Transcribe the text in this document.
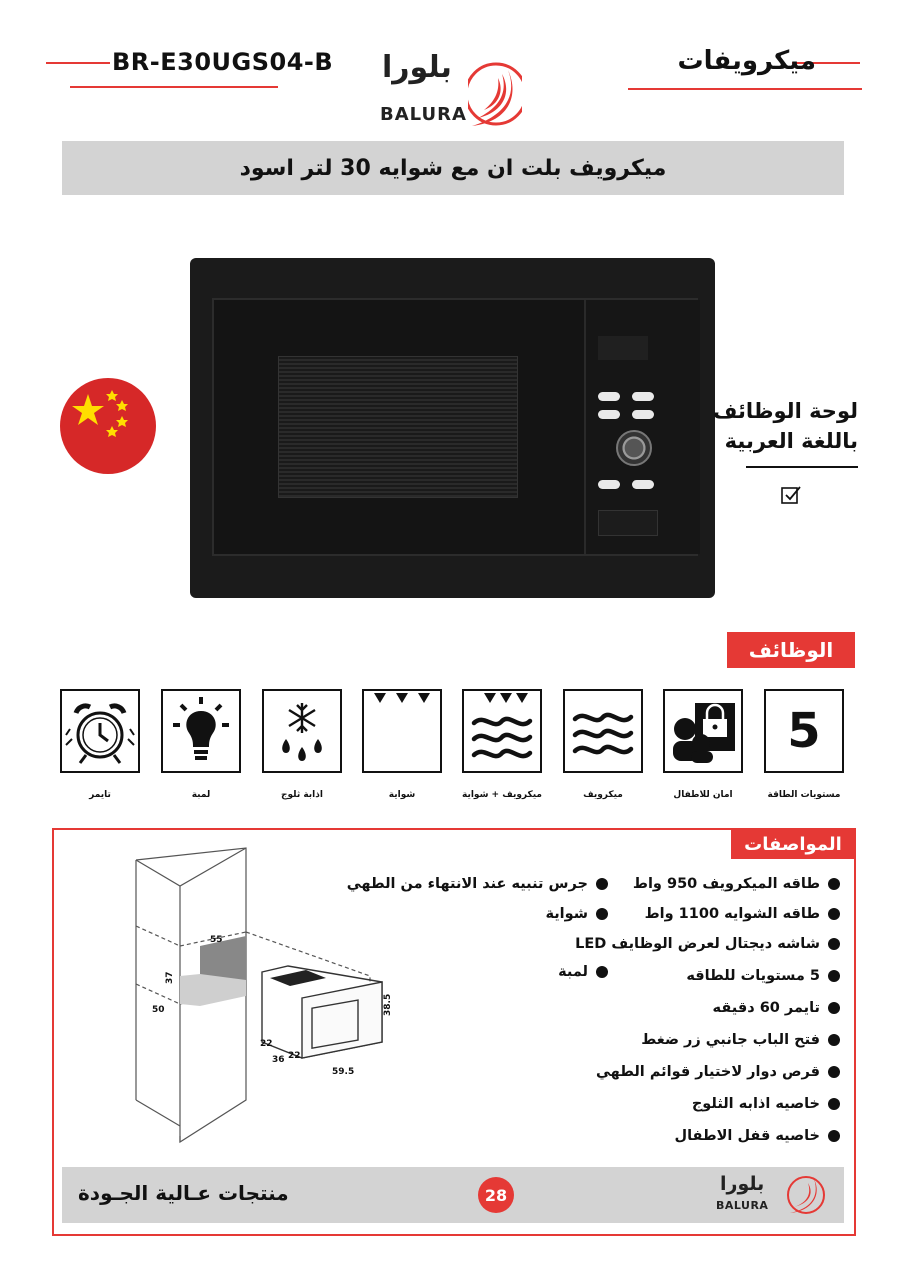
BR-E30UGS04-B	ميكرويفات
بلورا
BALURA
ميكرويف بلت ان مع شوايه 30 لتر اسود
لوحة الوظائف
باللغة العربية
الوظائف
5
تايمر	لمبة	اذابة ثلوج	شواية	ميكرويف + شواية	ميكرويف	امان للاطفال	مستويات الطاقة
المواصفات
55
37
50
59.5
38.5
36
22
22
طاقه الميكرويف 950 واط
طاقه الشوايه 1100 واط
شاشه ديجتال لعرض الوظايف LED
5 مستويات للطاقه
تايمر 60 دقيقه
فتح الباب جانبي زر ضغط
قرص دوار لاختيار قوائم الطهي
خاصيه اذابه الثلوج
خاصيه قفل الاطفال
جرس تنبيه عند الانتهاء من الطهي
شواية
لمبة
منتجات عـالية الجـودة	28	بلورا
BALURA
